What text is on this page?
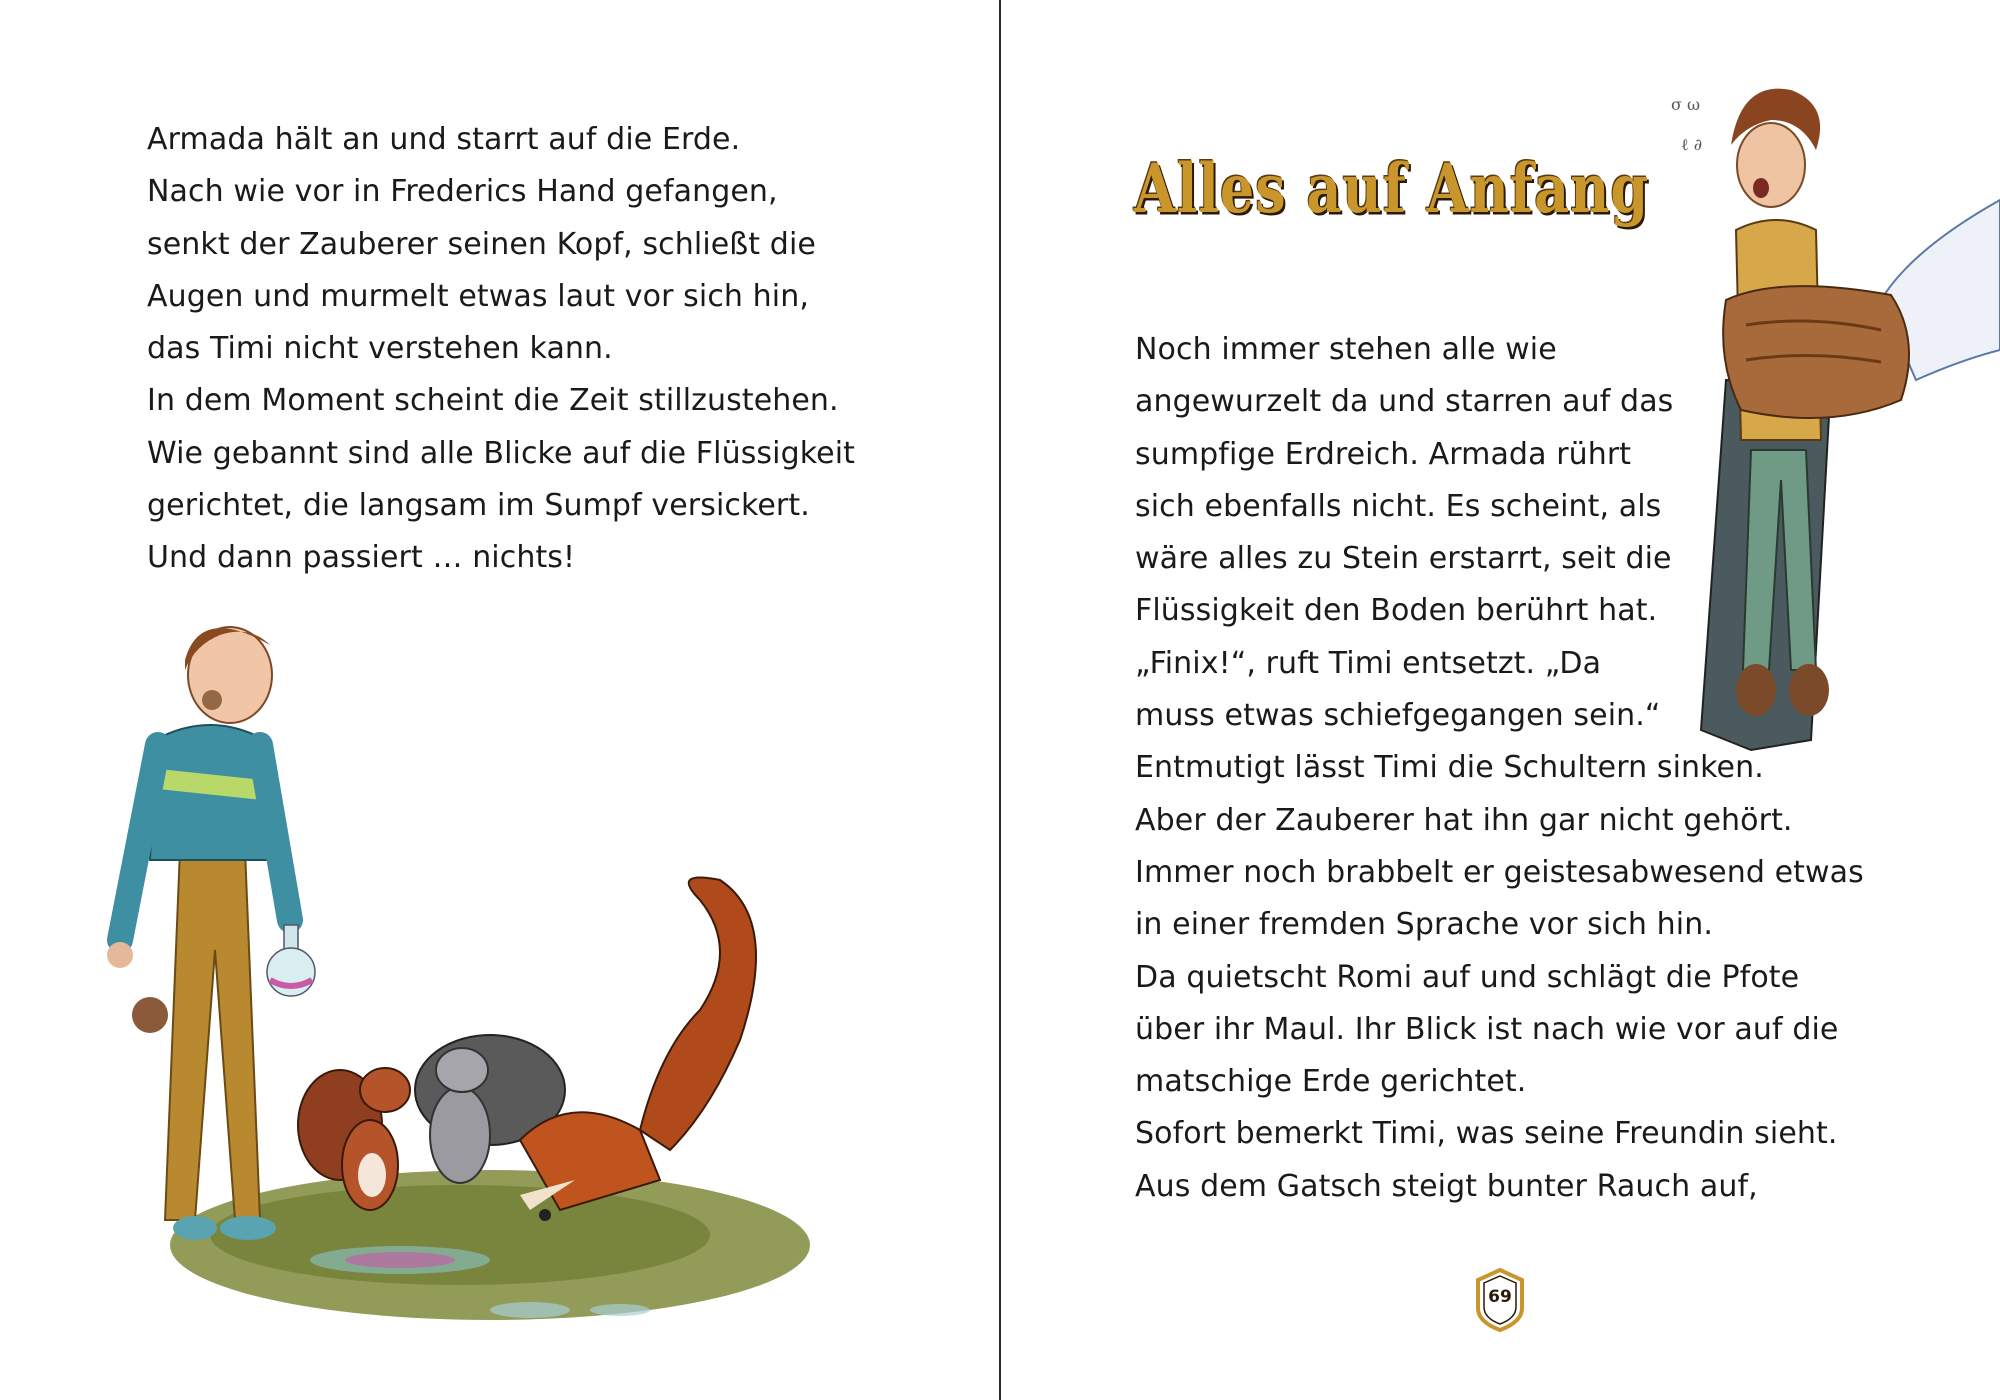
Armada hält an und starrt auf die Erde.
Nach wie vor in Frederics Hand gefangen,
senkt der Zauberer seinen Kopf, schließt die
Augen und murmelt etwas laut vor sich hin,
das Timi nicht verstehen kann.
In dem Moment scheint die Zeit stillzustehen.
Wie gebannt sind alle Blicke auf die Flüssigkeit
gerichtet, die langsam im Sumpf versickert.
Und dann passiert … nichts!
Alles auf Anfang
Noch immer stehen alle wie
angewurzelt da und starren auf das
sumpfige Erdreich. Armada rührt
sich ebenfalls nicht. Es scheint, als
wäre alles zu Stein erstarrt, seit die
Flüssigkeit den Boden berührt hat.
„Finix!“, ruft Timi entsetzt. „Da
muss etwas schiefgegangen sein.“
Entmutigt lässt Timi die Schultern sinken.
Aber der Zauberer hat ihn gar nicht gehört.
Immer noch brabbelt er geistesabwesend etwas
in einer fremden Sprache vor sich hin.
Da quietscht Romi auf und schlägt die Pfote
über ihr Maul. Ihr Blick ist nach wie vor auf die
matschige Erde gerichtet.
Sofort bemerkt Timi, was seine Freundin sieht.
Aus dem Gatsch steigt bunter Rauch auf,
σ ω
ℓ ∂
69
